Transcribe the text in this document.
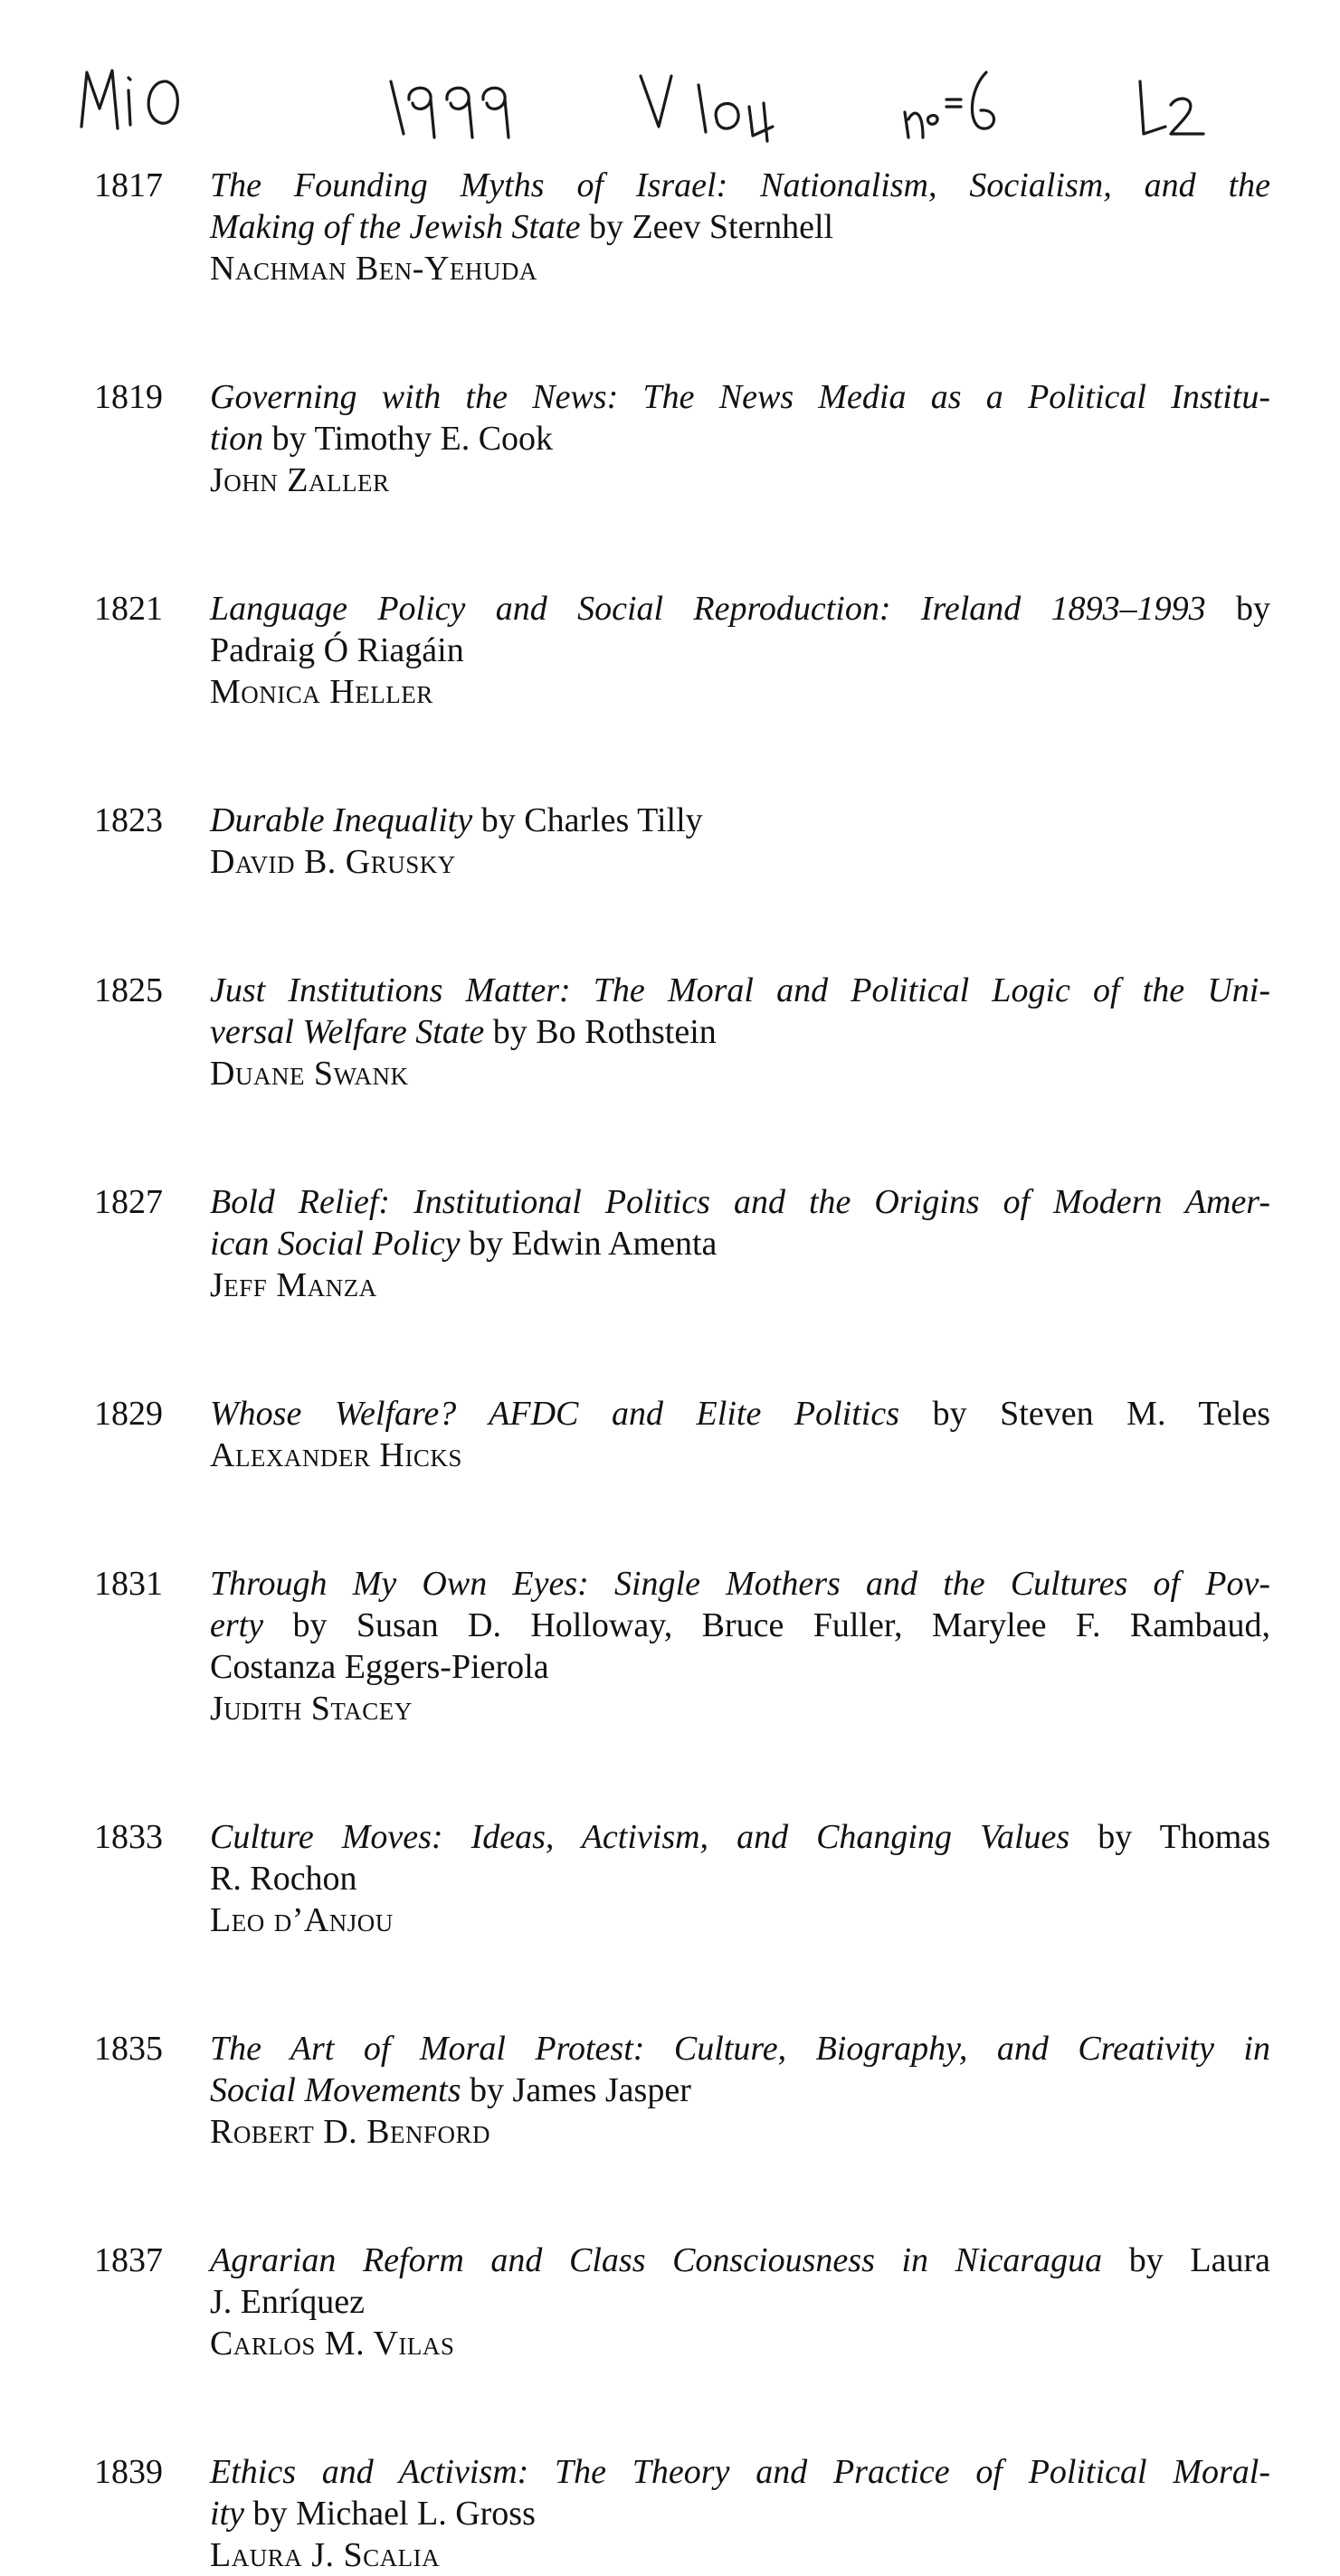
1817	The Founding Myths of Israel: Nationalism, Socialism, and the
Making of the Jewish State by Zeev Sternhell
Nachman Ben-Yehuda
1819	Governing with the News: The News Media as a Political Institu-
tion by Timothy E. Cook
John Zaller
1821	Language Policy and Social Reproduction: Ireland 1893–1993 by
Padraig Ó Riagáin
Monica Heller
1823	Durable Inequality by Charles Tilly
David B. Grusky
1825	Just Institutions Matter: The Moral and Political Logic of the Uni-
versal Welfare State by Bo Rothstein
Duane Swank
1827	Bold Relief: Institutional Politics and the Origins of Modern Amer-
ican Social Policy by Edwin Amenta
Jeff Manza
1829	Whose Welfare? AFDC and Elite Politics by Steven M. Teles
Alexander Hicks
1831	Through My Own Eyes: Single Mothers and the Cultures of Pov-
erty by Susan D. Holloway, Bruce Fuller, Marylee F. Rambaud,
Costanza Eggers-Pierola
Judith Stacey
1833	Culture Moves: Ideas, Activism, and Changing Values by Thomas
R. Rochon
Leo d’Anjou
1835	The Art of Moral Protest: Culture, Biography, and Creativity in
Social Movements by James Jasper
Robert D. Benford
1837	Agrarian Reform and Class Consciousness in Nicaragua by Laura
J. Enríquez
Carlos M. Vilas
1839	Ethics and Activism: The Theory and Practice of Political Moral-
ity by Michael L. Gross
Laura J. Scalia
